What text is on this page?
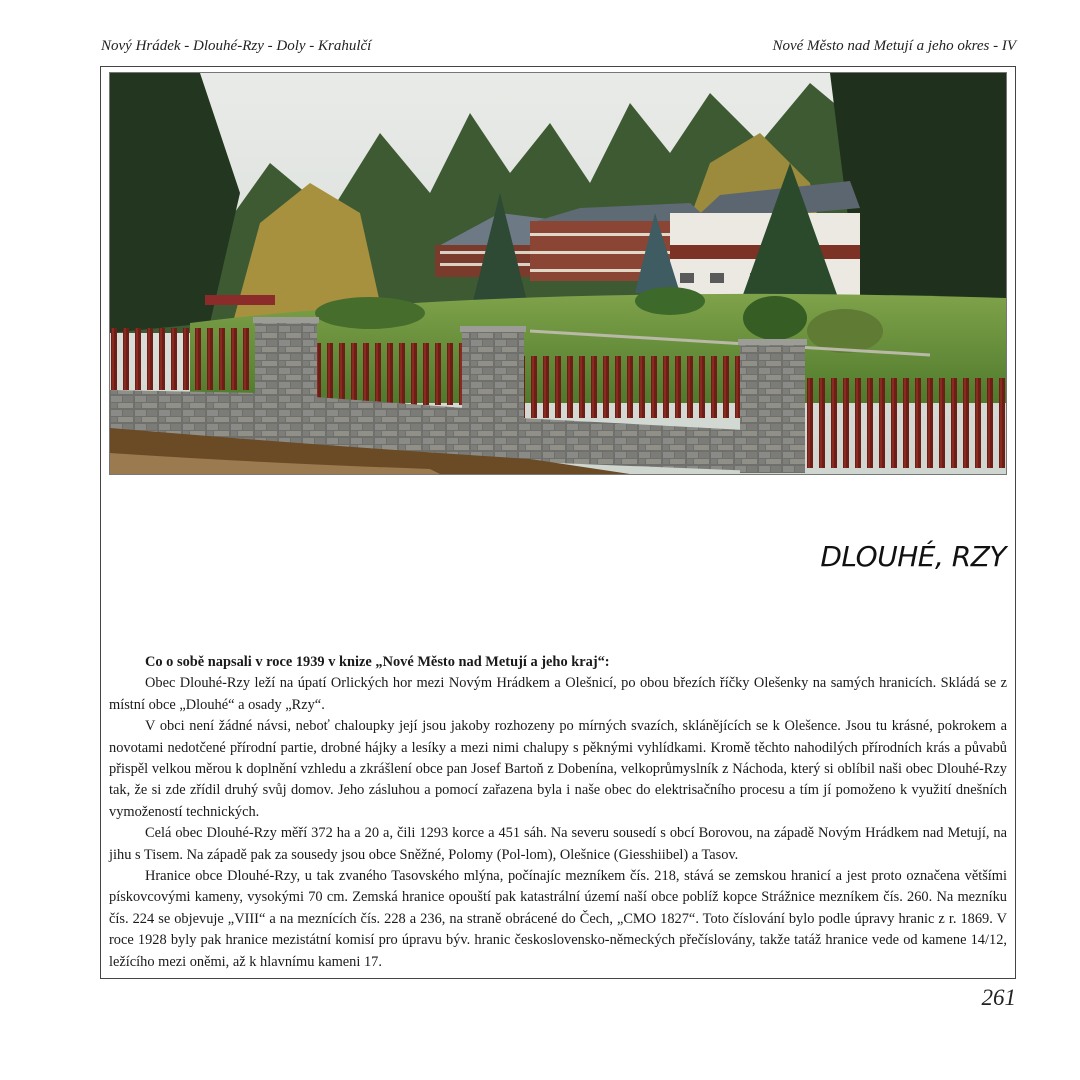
Nový Hrádek - Dlouhé-Rzy - Doly - Krahulčí	Nové Město nad Metují a jeho okres - IV
DLOUHÉ, RZY

Co o sobě napsali v roce 1939 v knize „Nové Město nad Metují a jeho kraj“:

Obec Dlouhé-Rzy leží na úpatí Orlických hor mezi Novým Hrádkem a Olešnicí, po obou březích říčky Olešenky na samých hranicích. Skládá se z místní obce „Dlouhé“ a osady „Rzy“.

V obci není žádné návsi, neboť chaloupky její jsou jakoby rozhozeny po mírných svazích, sklánějících se k Olešence. Jsou tu krásné, pokrokem a novotami nedotčené přírodní partie, drobné hájky a lesíky a mezi nimi chalupy s pěknými vyhlídkami. Kromě těchto nahodilých přírodních krás a půvabů přispěl velkou měrou k doplnění vzhledu a zkrášlení obce pan Josef Bartoň z Dobenína, velkoprůmyslník z Náchoda, který si oblíbil naši obec Dlouhé-Rzy tak, že si zde zřídil druhý svůj domov. Jeho zásluhou a pomocí zařazena byla i naše obec do elektrisačního procesu a tím jí pomoženo k využití dnešních vymožeností technických.

Celá obec Dlouhé-Rzy měří 372 ha a 20 a, čili 1293 korce a 451 sáh. Na severu sousedí s obcí Borovou, na západě Novým Hrádkem nad Metují, na jihu s Tisem. Na západě pak za sousedy jsou obce Sněžné, Polomy (Pol-lom), Olešnice (Giesshiibel) a Tasov.

Hranice obce Dlouhé-Rzy, u tak zvaného Tasovského mlýna, počínajíc mezníkem čís. 218, stává se zemskou hranicí a jest proto označena většími pískovcovými kameny, vysokými 70 cm. Zemská hranice opouští pak katastrální území naší obce poblíž kopce Strážnice mezníkem čís. 260. Na mezníku čís. 224 se objevuje „VIII“ a na meznících čís. 228 a 236, na straně obrácené do Čech, „CMO 1827“. Toto číslování bylo podle úpravy hranic z r. 1869. V roce 1928 byly pak hranice mezistátní komisí pro úpravu býv. hranic československo-německých přečíslovány, takže tatáž hranice vede od kamene 14/12, ležícího mezi oněmi, až k hlavnímu kameni 17.

261
